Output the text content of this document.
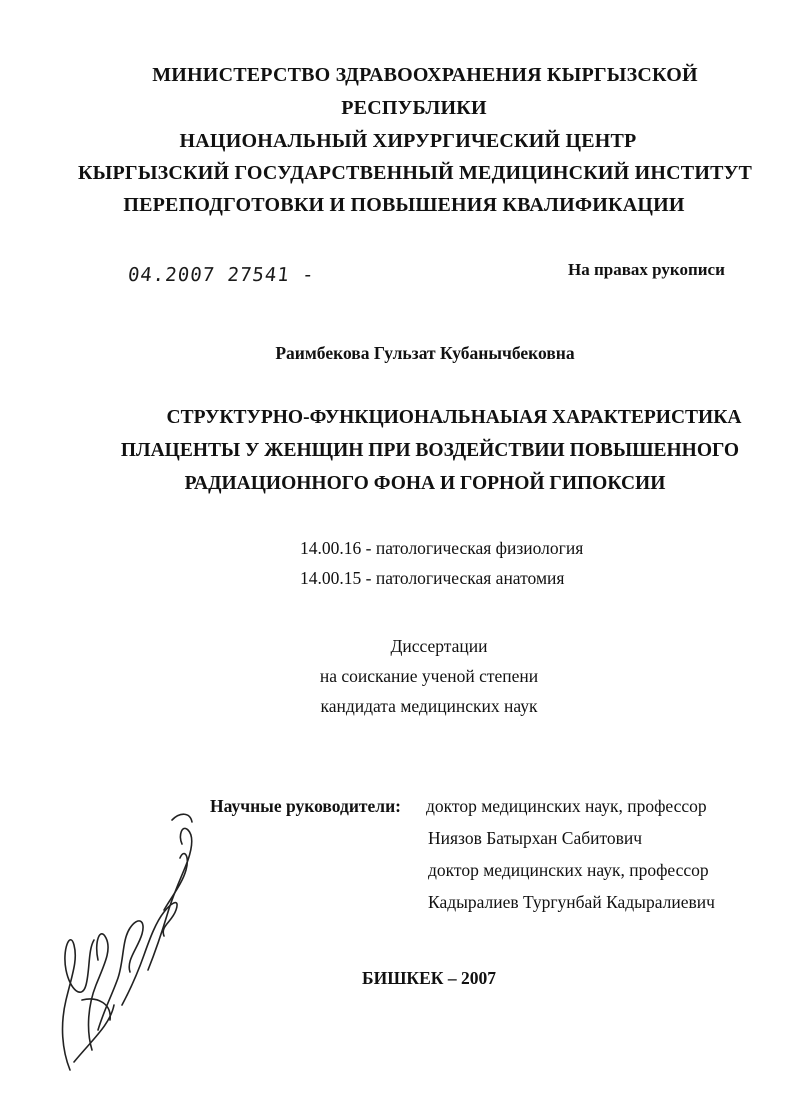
МИНИСТЕРСТВО ЗДРАВООХРАНЕНИЯ КЫРГЫЗСКОЙ
РЕСПУБЛИКИ
НАЦИОНАЛЬНЫЙ ХИРУРГИЧЕСКИЙ ЦЕНТР
КЫРГЫЗСКИЙ ГОСУДАРСТВЕННЫЙ МЕДИЦИНСКИЙ ИНСТИТУТ
ПЕРЕПОДГОТОВКИ И ПОВЫШЕНИЯ КВАЛИФИКАЦИИ
04.2007 27541 -	На правах рукописи
Раимбекова Гульзат Кубанычбековна
СТРУКТУРНО-ФУНКЦИОНАЛЬНАЫАЯ ХАРАКТЕРИСТИКА
ПЛАЦЕНТЫ У ЖЕНЩИН ПРИ ВОЗДЕЙСТВИИ ПОВЫШЕННОГО
РАДИАЦИОННОГО ФОНА И ГОРНОЙ ГИПОКСИИ
14.00.16 - патологическая физиология
14.00.15 - патологическая анатомия
Диссертации
на соискание ученой степени
кандидата медицинских наук
Научные руководители: доктор медицинских наук, профессор
Ниязов Батырхан Сабитович
доктор медицинских наук, профессор
Кадыралиев Тургунбай Кадыралиевич
БИШКЕК – 2007
